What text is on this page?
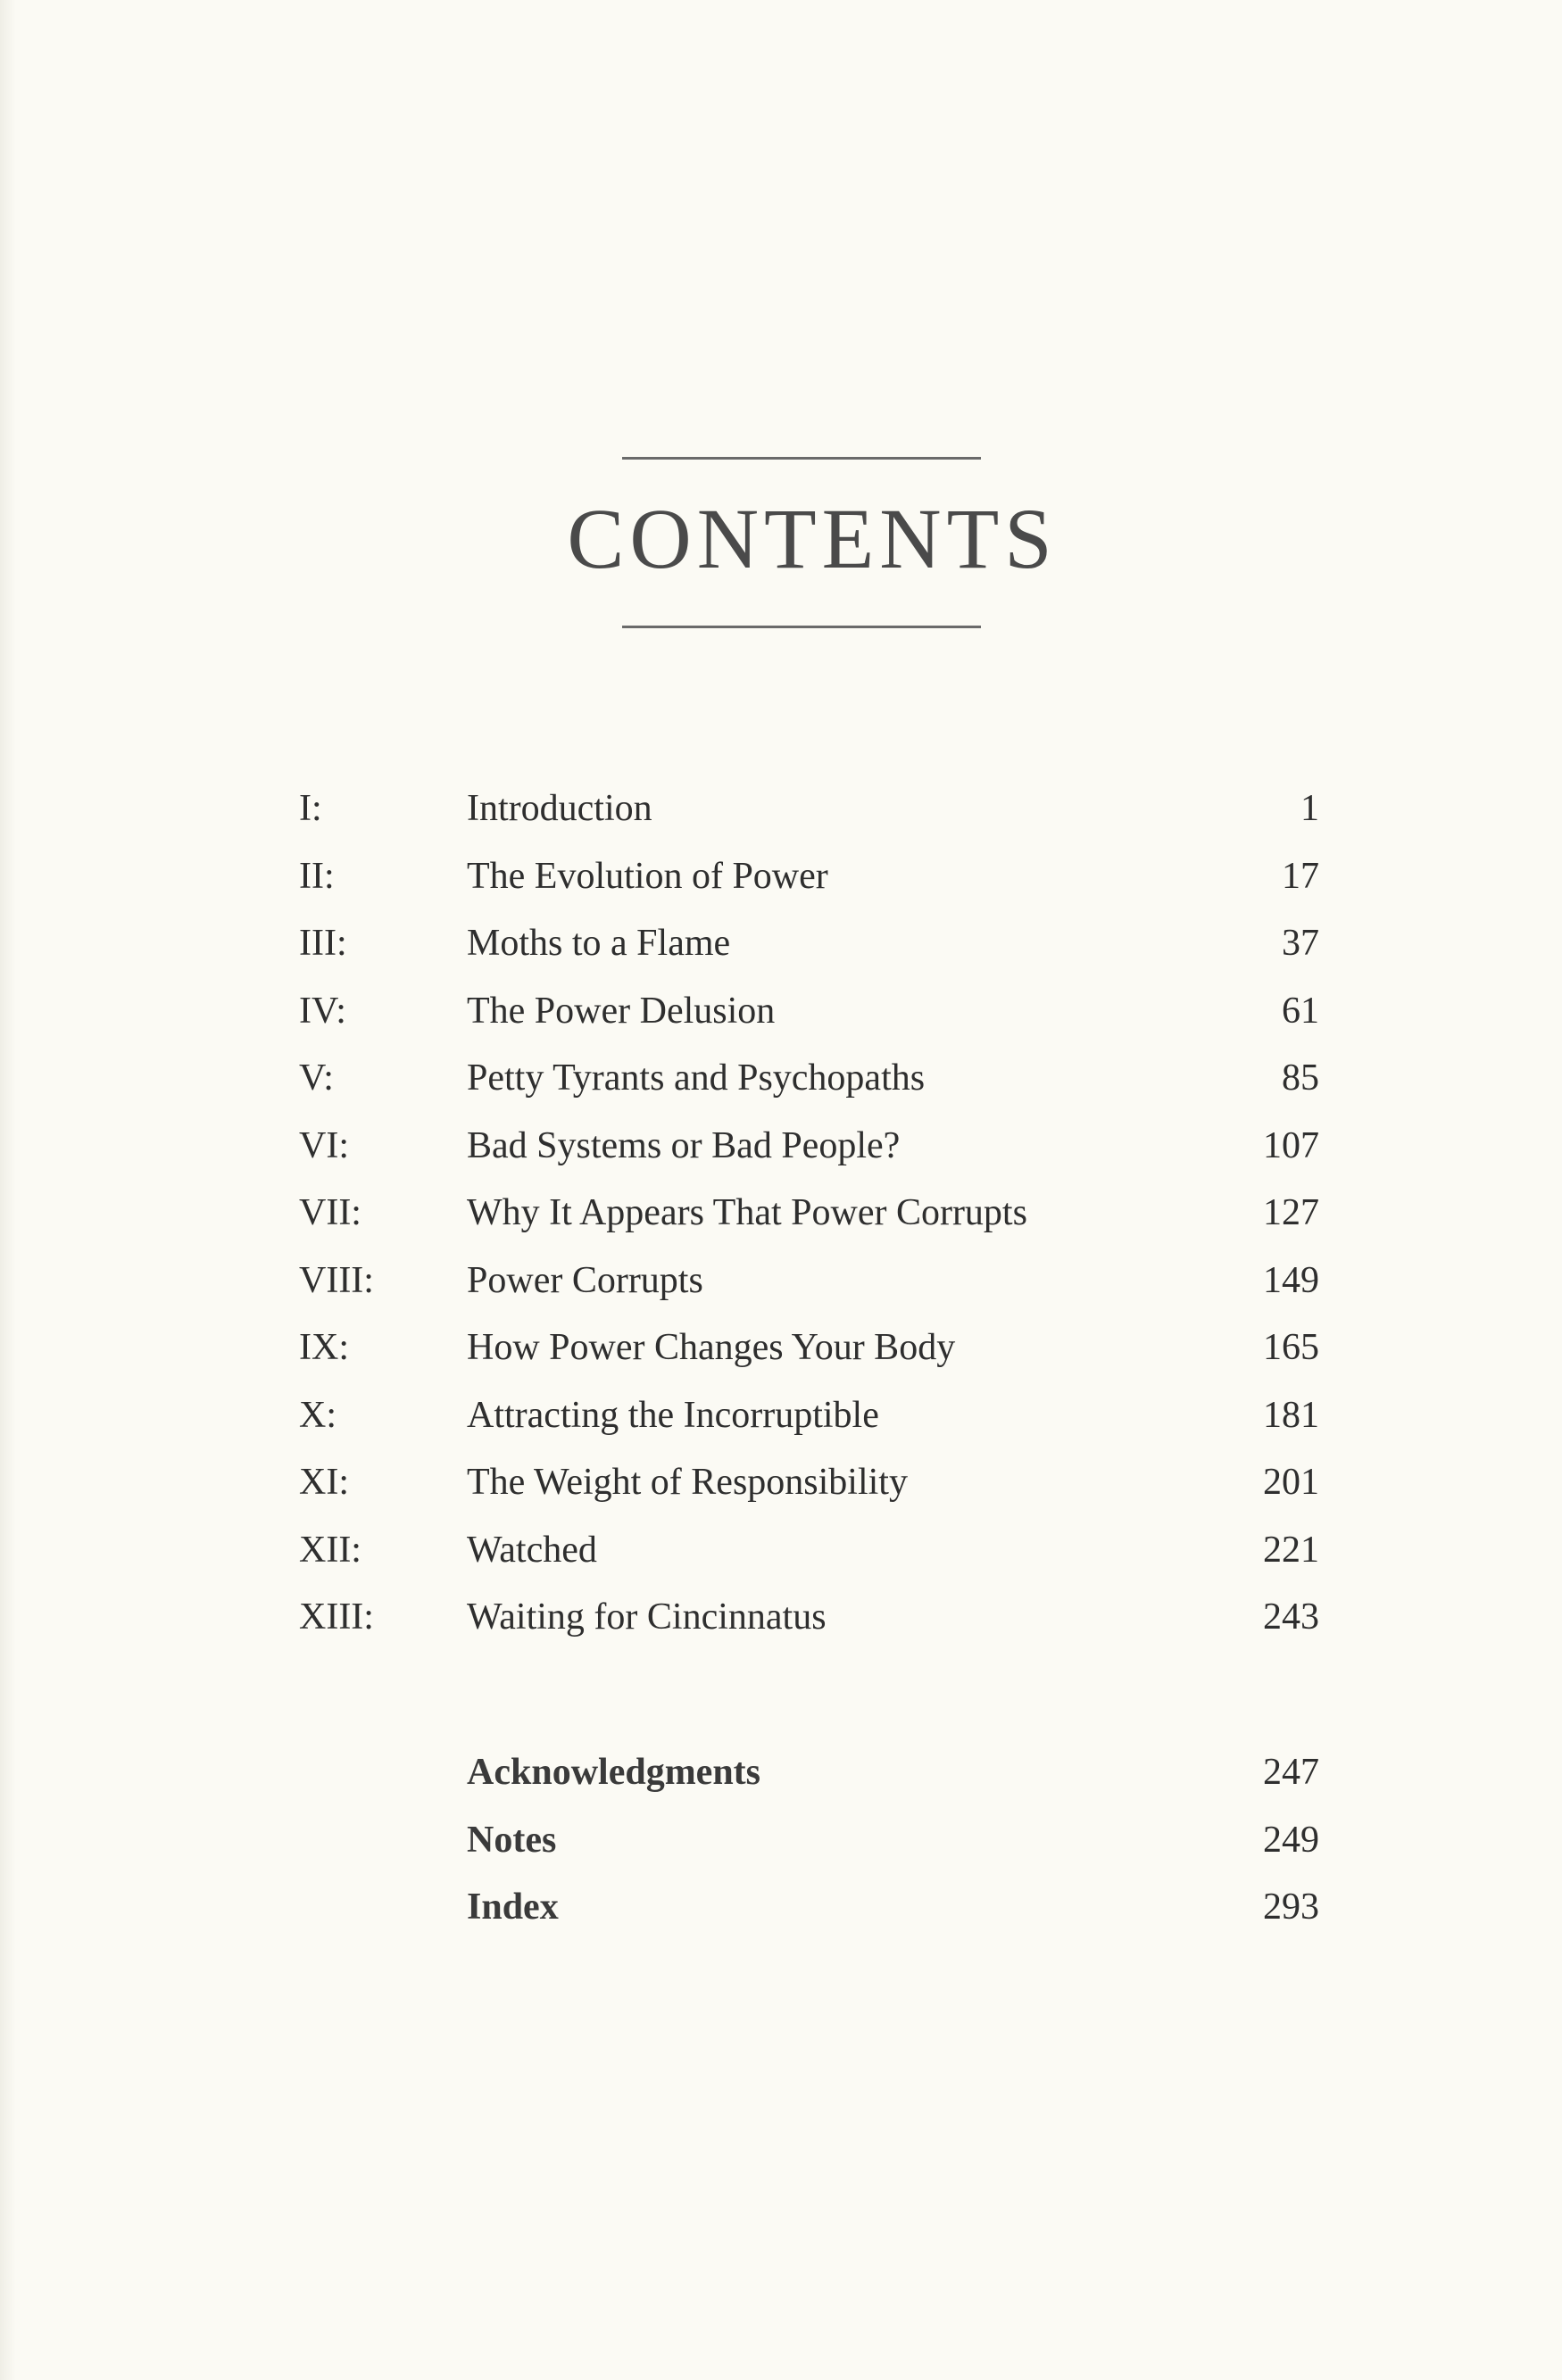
CONTENTS
I:	Introduction	1
II:	The Evolution of Power	17
III:	Moths to a Flame	37
IV:	The Power Delusion	61
V:	Petty Tyrants and Psychopaths	85
VI:	Bad Systems or Bad People?	107
VII:	Why It Appears That Power Corrupts	127
VIII: Power Corrupts	149
IX:	How Power Changes Your Body	165
X:	Attracting the Incorruptible	181
XI:	The Weight of Responsibility	201
XII:	Watched	221
XIII: Waiting for Cincinnatus	243
Acknowledgments	247
Notes	249
Index	293
